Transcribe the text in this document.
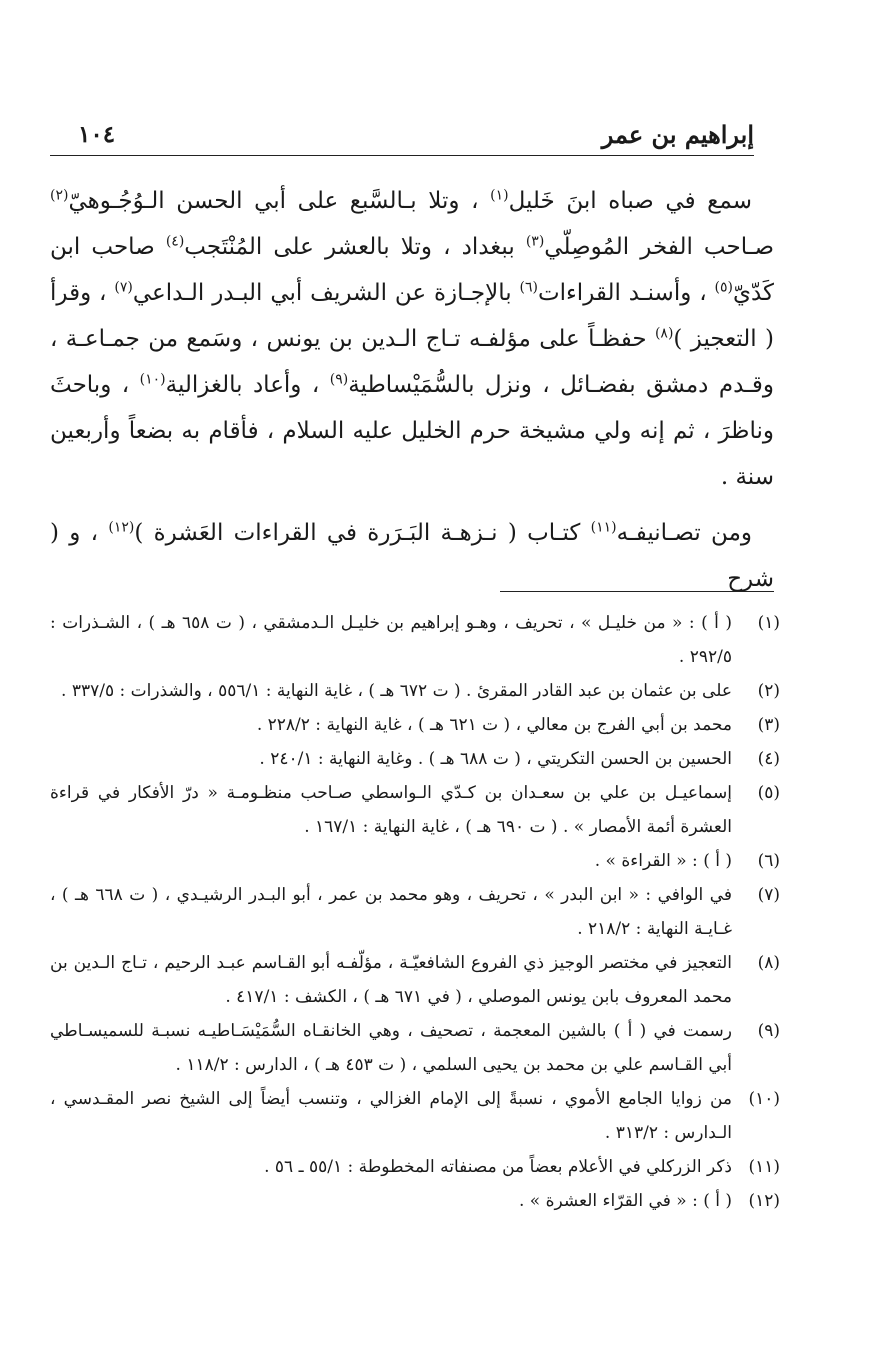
إبراهيم بن عمر
١٠٤

سمع في صباه ابنَ خَليل$^{(١)}$ ، وتلا بـالسَّبع على أبي الحسن الـوُجُـوهيّ$^{(٢)}$ صـاحب الفخر المُوصِلّي$^{(٣)}$ ببغداد ، وتلا بالعشر على المُنْتَجب$^{(٤)}$ صاحب ابن كَدّيّ$^{(٥)}$ ، وأسنـد القراءات$^{(٦)}$ بالإجـازة عن الشريف أبي البـدر الـداعي$^{(٧)}$ ، وقرأ ( التعجيز )$^{(٨)}$ حفظـاً على مؤلفـه تـاج الـدين بن يونس ، وسَمع من جمـاعـة ، وقـدم دمشق بفضـائل ، ونزل بالسُّمَيْساطية$^{(٩)}$ ، وأعاد بالغزالية$^{(١٠)}$ ، وباحثَ وناظرَ ، ثم إنه ولي مشيخة حرم الخليل عليه السلام ، فأقام به بضعاً وأربعين سنة .

ومن تصـانيفـه$^{(١١)}$ كتـاب ( نـزهـة البَـرَرة في القراءات العَشرة )$^{(١٢)}$ ، و ( شرح

(١)
( أ ) : « من خليـل » ، تحريف ، وهـو إبراهيم بن خليـل الـدمشقي ، ( ت ٦٥٨ هـ ) ، الشـذرات : ٢٩٢/٥ .
(٢)
على بن عثمان بن عبد القادر المقرئ . ( ت ٦٧٢ هـ ) ، غاية النهاية : ٥٥٦/١ ، والشذرات : ٣٣٧/٥ .
(٣)
محمد بن أبي الفرج بن معالي ، ( ت ٦٢١ هـ ) ، غاية النهاية : ٢٢٨/٢ .
(٤)
الحسين بن الحسن التكريتي ، ( ت ٦٨٨ هـ ) . وغاية النهاية : ٢٤٠/١ .
(٥)
إسماعيـل بن علي بن سعـدان بن كـدّي الـواسطي صـاحب منظـومـة « درّ الأفكار في قراءة العشرة أئمة الأمصار » . ( ت ٦٩٠ هـ ) ، غاية النهاية : ١٦٧/١ .
(٦)
( أ ) : « القراءة » .
(٧)
في الوافي : « ابن البدر » ، تحريف ، وهو محمد بن عمر ، أبو البـدر الرشيـدي ، ( ت ٦٦٨ هـ ) ، غـايـة النهاية : ٢١٨/٢ .
(٨)
التعجيز في مختصر الوجيز ذي الفروع الشافعيّـة ، مؤلّفـه أبو القـاسم عبـد الرحيم ، تـاج الـدين بن محمد المعروف بابن يونس الموصلي ، ( في ٦٧١ هـ ) ، الكشف : ٤١٧/١ .
(٩)
رسمت في ( أ ) بالشين المعجمة ، تصحيف ، وهي الخانقـاه السُّمَيْسَـاطيـه نسبـة للسميسـاطي أبي القـاسم علي بن محمد بن يحيى السلمي ، ( ت ٤٥٣ هـ ) ، الدارس : ١١٨/٢ .
(١٠)
من زوايا الجامع الأموي ، نسبةً إلى الإمام الغزالي ، وتنسب أيضاً إلى الشيخ نصر المقـدسي ، الـدارس : ٣١٣/٢ .
(١١)
ذكر الزركلي في الأعلام بعضاً من مصنفاته المخطوطة : ٥٥/١ ـ ٥٦ .
(١٢)
( أ ) : « في القرّاء العشرة » .
